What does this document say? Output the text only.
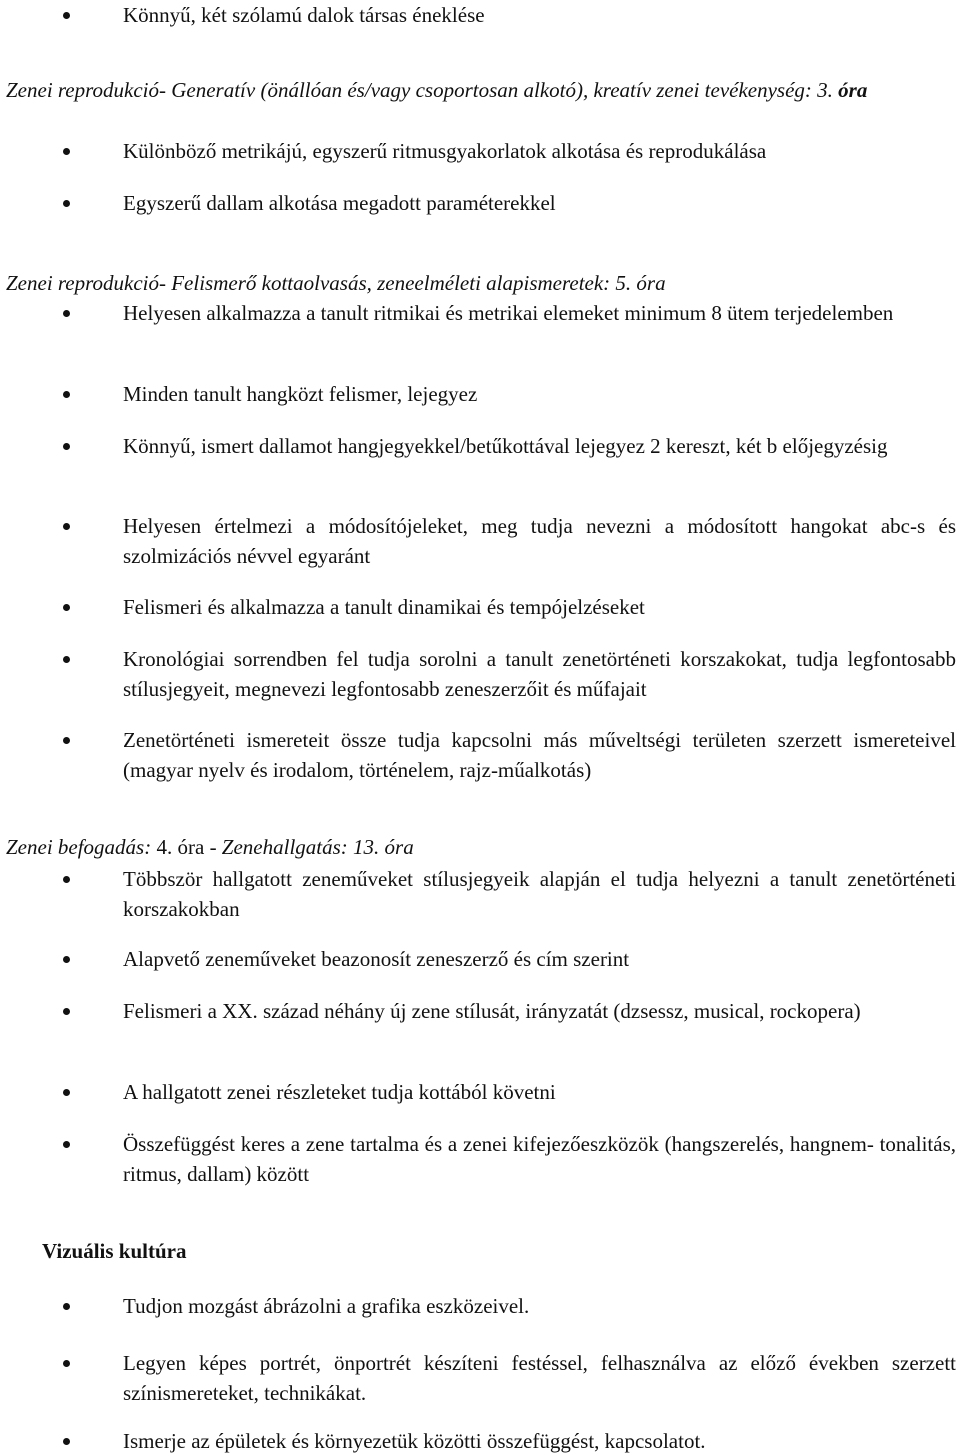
Könnyű, két szólamú dalok társas éneklése
Zenei reprodukció- Generatív (önállóan és/vagy csoportosan alkotó), kreatív zenei tevékenység: 3. óra
Különböző metrikájú, egyszerű ritmusgyakorlatok alkotása és reprodukálása
Egyszerű dallam alkotása megadott paraméterekkel
Zenei reprodukció- Felismerő kottaolvasás, zeneelméleti alapismeretek: 5. óra
Helyesen alkalmazza a tanult ritmikai és metrikai elemeket minimum 8 ütem terjedelemben
Minden tanult hangközt felismer, lejegyez
Könnyű, ismert dallamot hangjegyekkel/betűkottával lejegyez 2 kereszt, két b előjegyzésig
Helyesen értelmezi a módosítójeleket, meg tudja nevezni a módosított hangokat abc-s és szolmizációs névvel egyaránt
Felismeri és alkalmazza a tanult dinamikai és tempójelzéseket
Kronológiai sorrendben fel tudja sorolni a tanult zenetörténeti korszakokat, tudja legfontosabb stílusjegyeit, megnevezi legfontosabb zeneszerzőit és műfajait
Zenetörténeti ismereteit össze tudja kapcsolni más műveltségi területen szerzett ismereteivel (magyar nyelv és irodalom, történelem, rajz-műalkotás)
Zenei befogadás: 4. óra - Zenehallgatás: 13. óra
Többször hallgatott zeneműveket stílusjegyeik alapján el tudja helyezni a tanult zenetörténeti korszakokban
Alapvető zeneműveket beazonosít zeneszerző és cím szerint
Felismeri a XX. század néhány új zene stílusát, irányzatát (dzsessz, musical, rockopera)
A hallgatott zenei részleteket tudja kottából követni
Összefüggést keres a zene tartalma és a zenei kifejezőeszközök (hangszerelés, hangnem- tonalitás, ritmus, dallam) között
Vizuális kultúra
Tudjon mozgást ábrázolni a grafika eszközeivel.
Legyen képes portrét, önportrét készíteni festéssel, felhasználva az előző években szerzett színismereteket, technikákat.
Ismerje az épületek és környezetük közötti összefüggést, kapcsolatot.
